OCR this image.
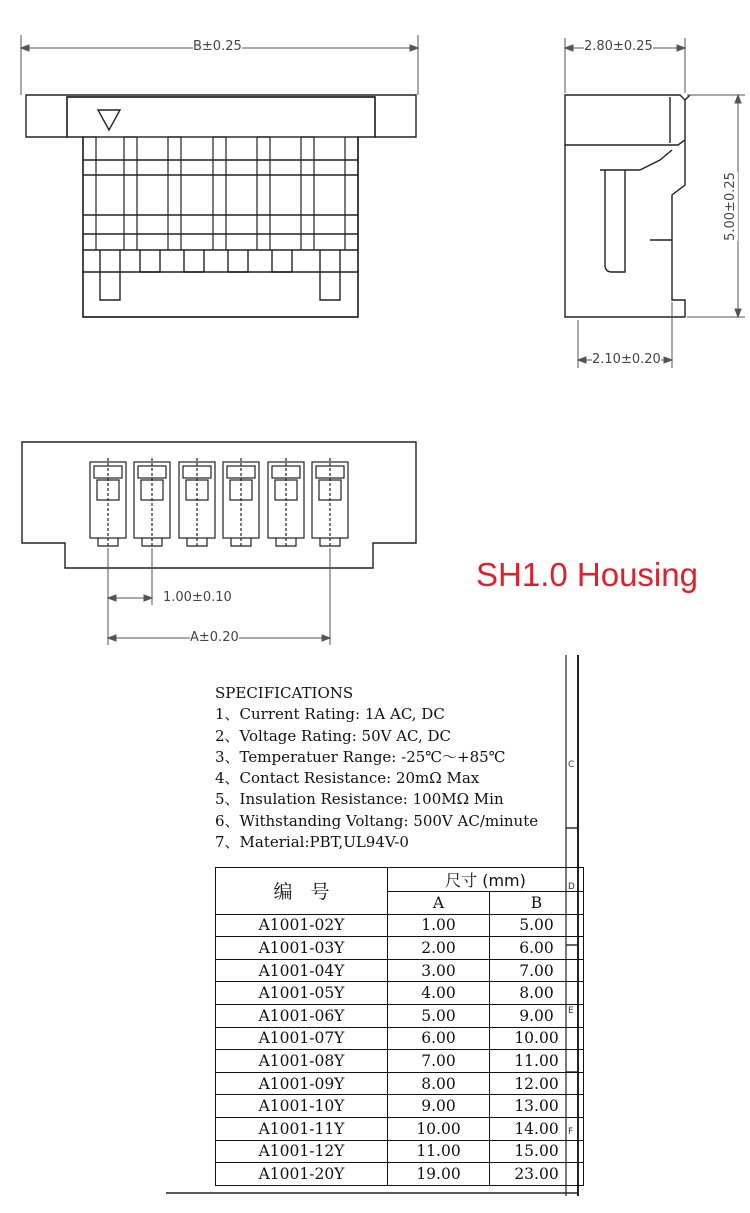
B±0.25	2.80±0.25
5.00±0.25
2.10±0.20
1.00±0.10
A±0.20
SH1.0 Housing
SPECIFICATIONS
1、Current Rating: 1A AC, DC
2、Voltage Rating: 50V AC, DC
3、Temperatuer Range: -25℃～+85℃
4、Contact Resistance: 20mΩ Max
5、Insulation Resistance: 100MΩ Min
6、Withstanding Voltang: 500V AC/minute
7、Material:PBT,UL94V-0
C
D
E
F
编号	尺寸 (mm)	
	A	B
A1001-02Y	1.00	5.00
A1001-03Y	2.00	6.00
A1001-04Y	3.00	7.00
A1001-05Y	4.00	8.00
A1001-06Y	5.00	9.00
A1001-07Y	6.00	10.00
A1001-08Y	7.00	11.00
A1001-09Y	8.00	12.00
A1001-10Y	9.00	13.00
A1001-11Y	10.00	14.00
A1001-12Y	11.00	15.00
A1001-20Y	19.00	23.00
